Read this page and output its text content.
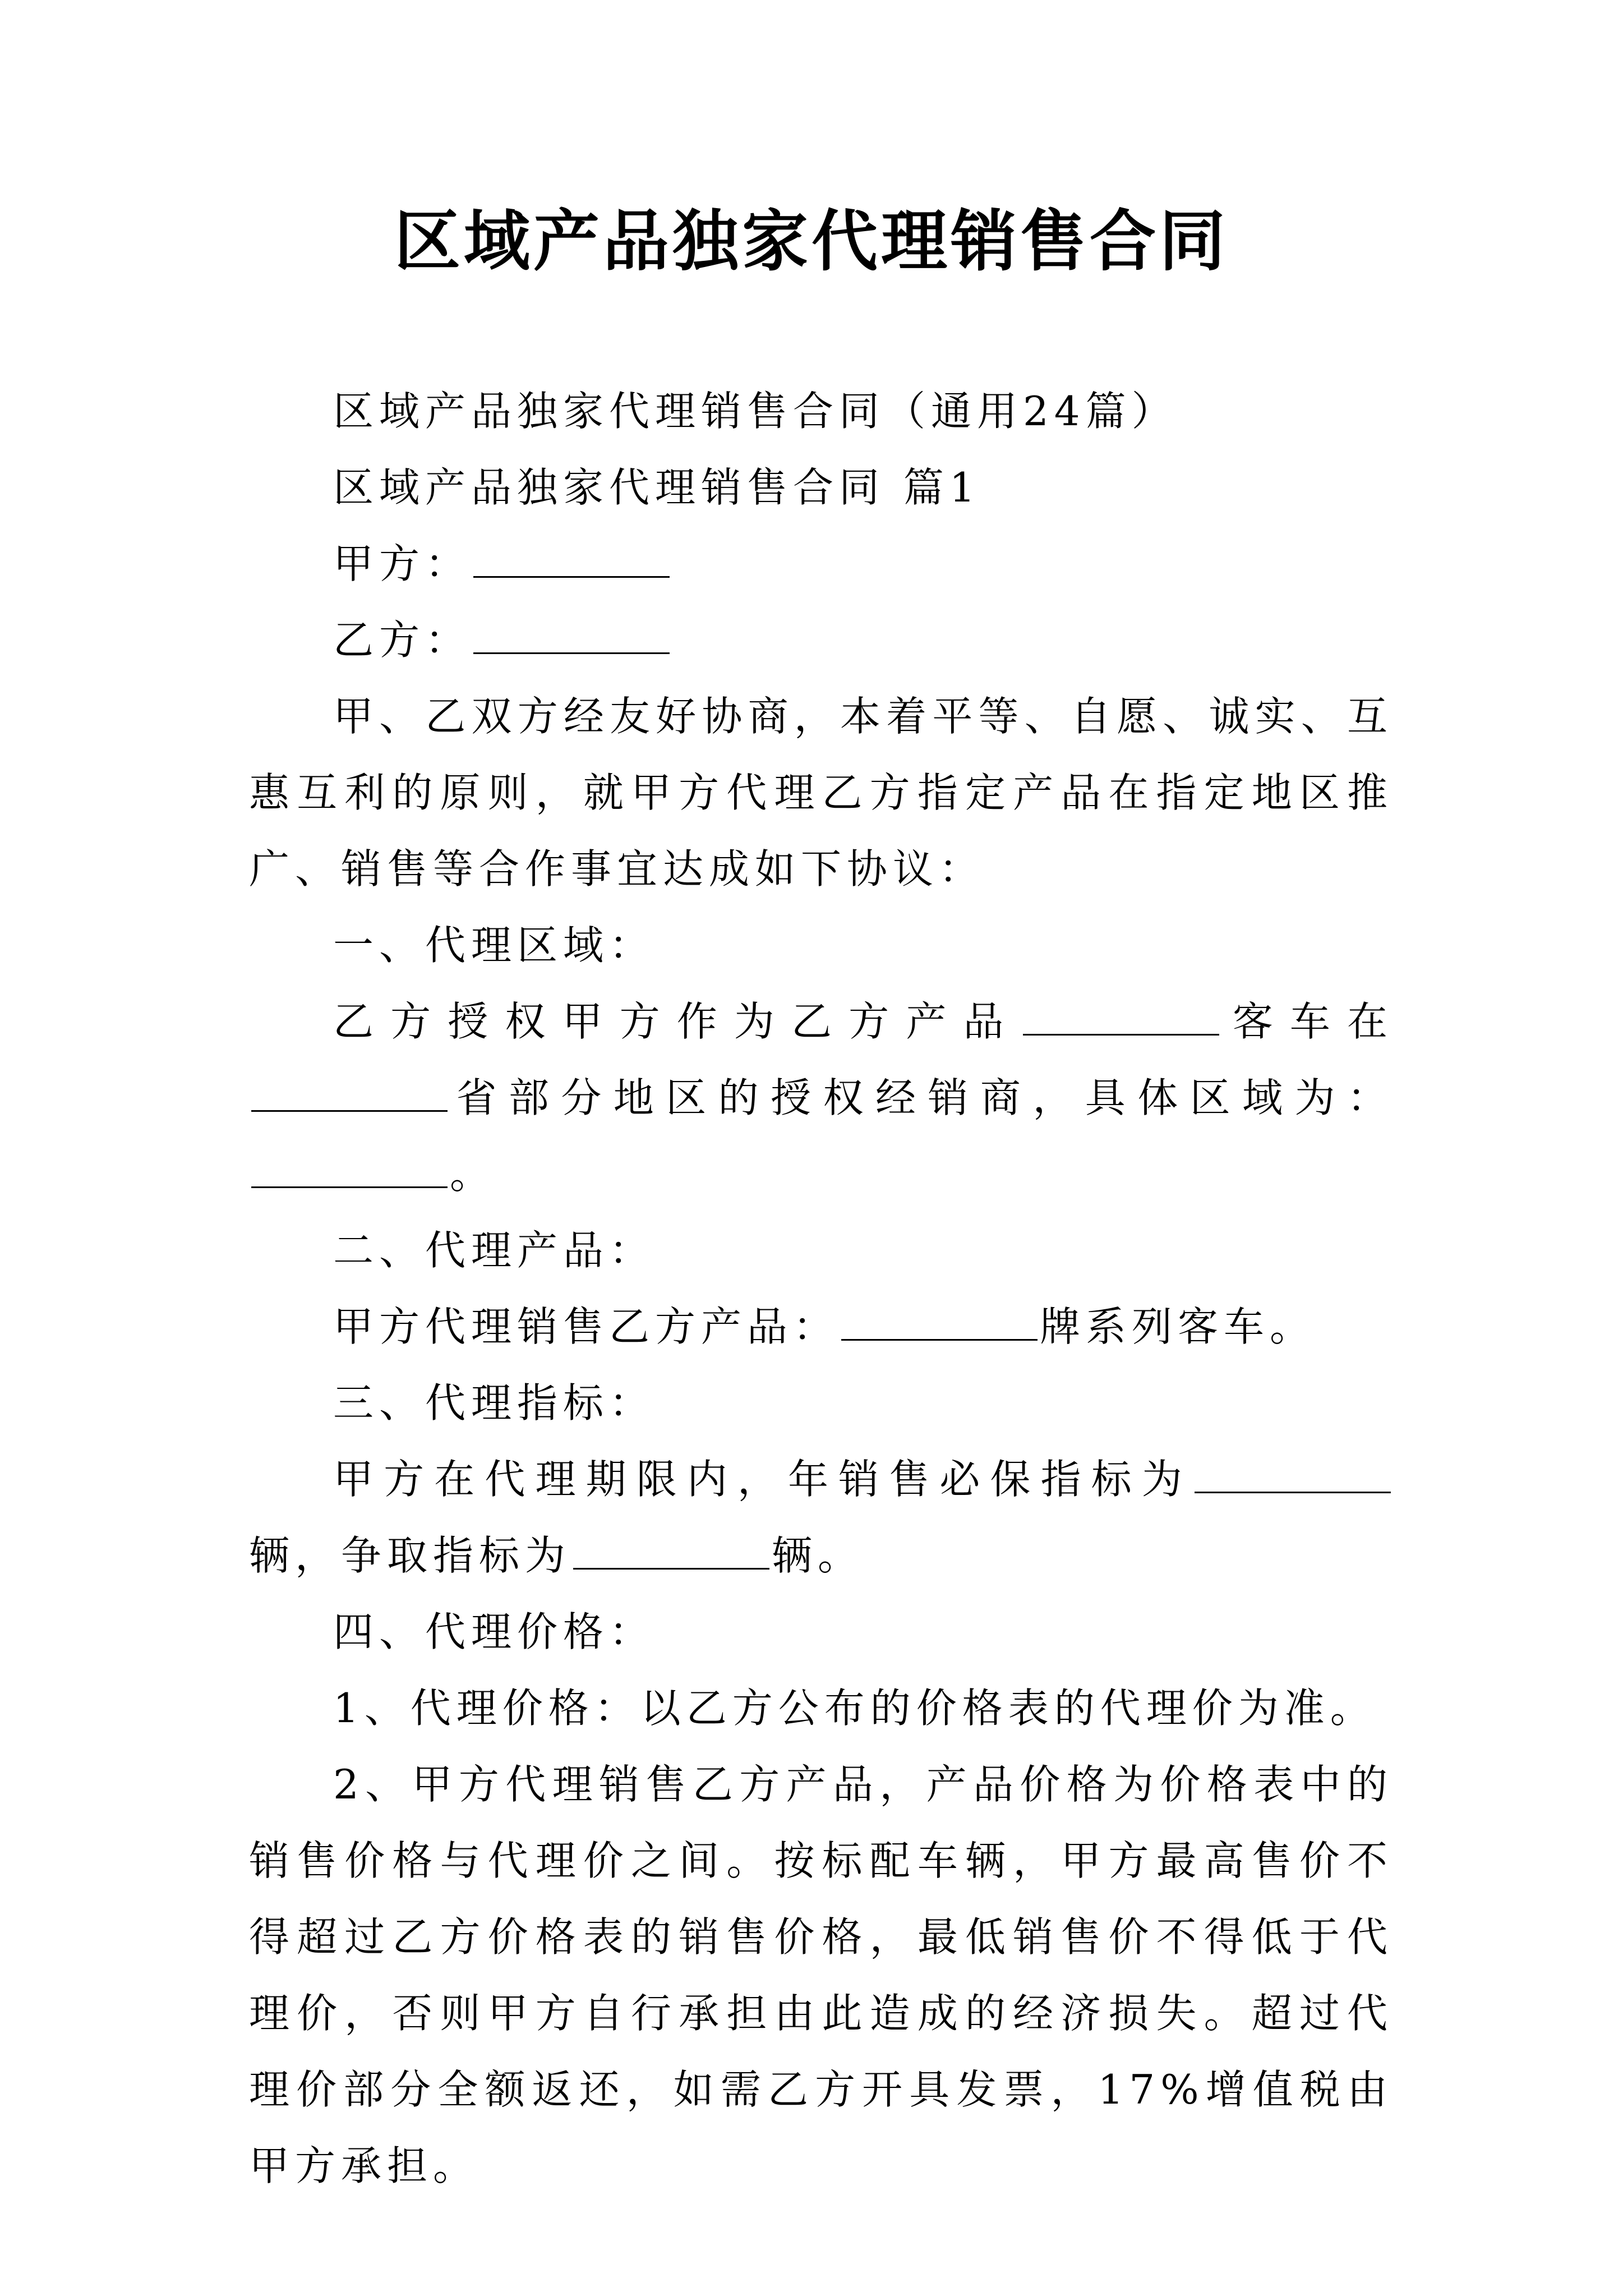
区域产品独家代理销售合同

区域产品独家代理销售合同（通用24篇）

区域产品独家代理销售合同 篇1

甲方：

乙方：

甲、乙双方经友好协商，本着平等、自愿、诚实、互惠互利的原则，就甲方代理乙方指定产品在指定地区推广、销售等合作事宜达成如下协议：

一、代理区域：

乙方授权甲方作为乙方产品	客车在省部分地区的授权经销商，具体区域为：。

二、代理产品：

甲方代理销售乙方产品：	牌系列客车。

三、代理指标：

甲方在代理期限内，年销售必保指标为辆，争取指标为	辆。

四、代理价格：

1、代理价格：以乙方公布的价格表的代理价为准。

2、甲方代理销售乙方产品，产品价格为价格表中的销售价格与代理价之间。按标配车辆，甲方最高售价不得超过乙方价格表的销售价格，最低销售价不得低于代理价，否则甲方自行承担由此造成的经济损失。超过代理价部分全额返还，如需乙方开具发票，17%增值税由甲方承担。
